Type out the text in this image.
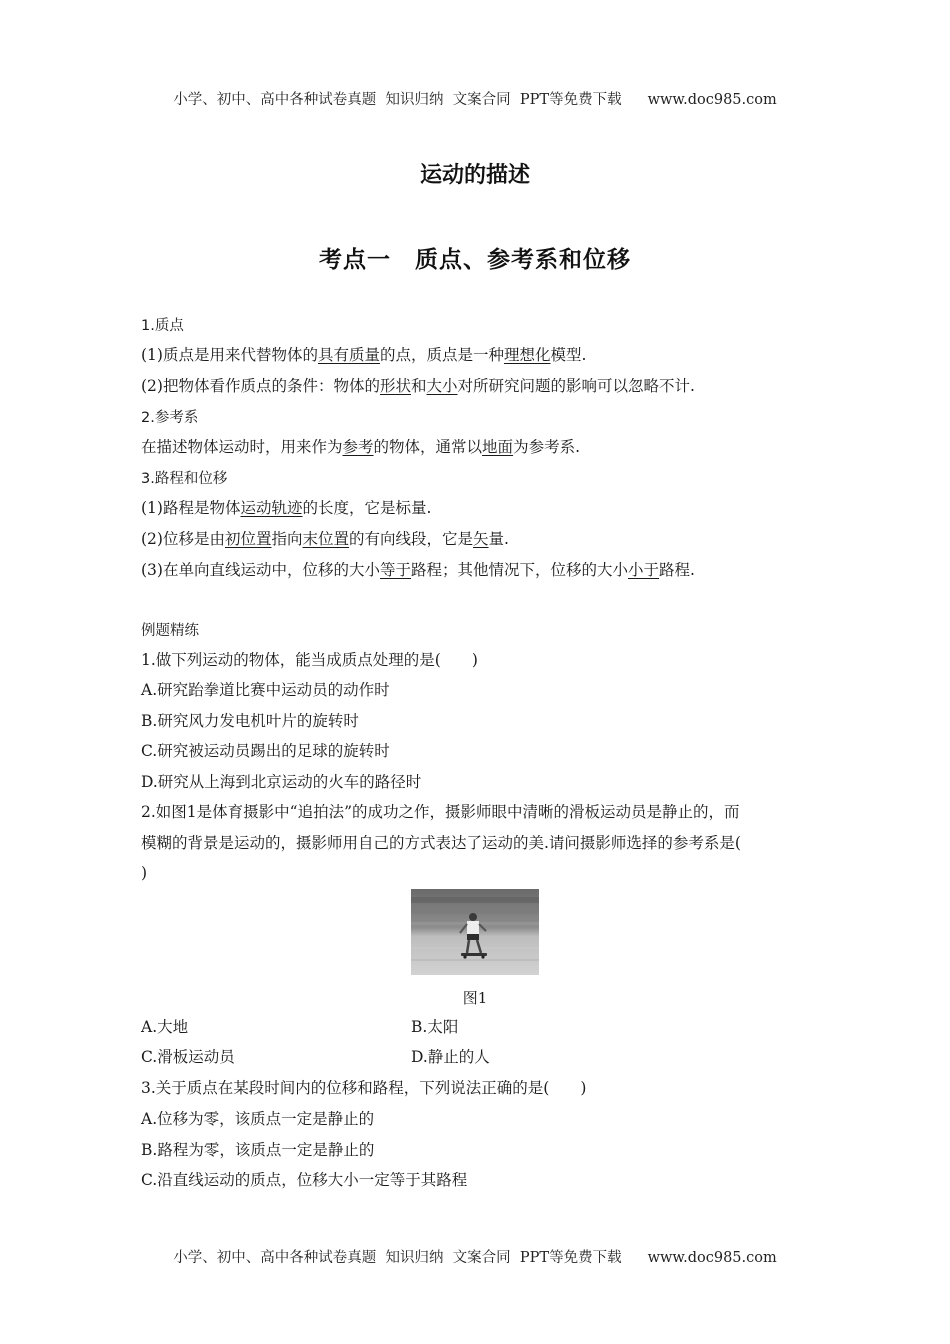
小学、初中、高中各种试卷真题  知识归纳  文案合同  PPT等免费下载 www.doc985.com
运动的描述
考点一　质点、参考系和位移
1.质点
(1)质点是用来代替物体的具有质量的点，质点是一种理想化模型.
(2)把物体看作质点的条件：物体的形状和大小对所研究问题的影响可以忽略不计.
2.参考系
在描述物体运动时，用来作为参考的物体，通常以地面为参考系.
3.路程和位移
(1)路程是物体运动轨迹的长度，它是标量.
(2)位移是由初位置指向末位置的有向线段，它是矢量.
(3)在单向直线运动中，位移的大小等于路程；其他情况下，位移的大小小于路程.
例题精练
1.做下列运动的物体，能当成质点处理的是(　　)
A.研究跆拳道比赛中运动员的动作时
B.研究风力发电机叶片的旋转时
C.研究被运动员踢出的足球的旋转时
D.研究从上海到北京运动的火车的路径时
2.如图1是体育摄影中“追拍法”的成功之作，摄影师眼中清晰的滑板运动员是静止的，而
模糊的背景是运动的，摄影师用自己的方式表达了运动的美.请问摄影师选择的参考系是(
)
图1
A.大地	B.太阳
C.滑板运动员	D.静止的人
3.关于质点在某段时间内的位移和路程，下列说法正确的是(　　)
A.位移为零，该质点一定是静止的
B.路程为零，该质点一定是静止的
C.沿直线运动的质点，位移大小一定等于其路程
小学、初中、高中各种试卷真题  知识归纳  文案合同  PPT等免费下载 www.doc985.com
